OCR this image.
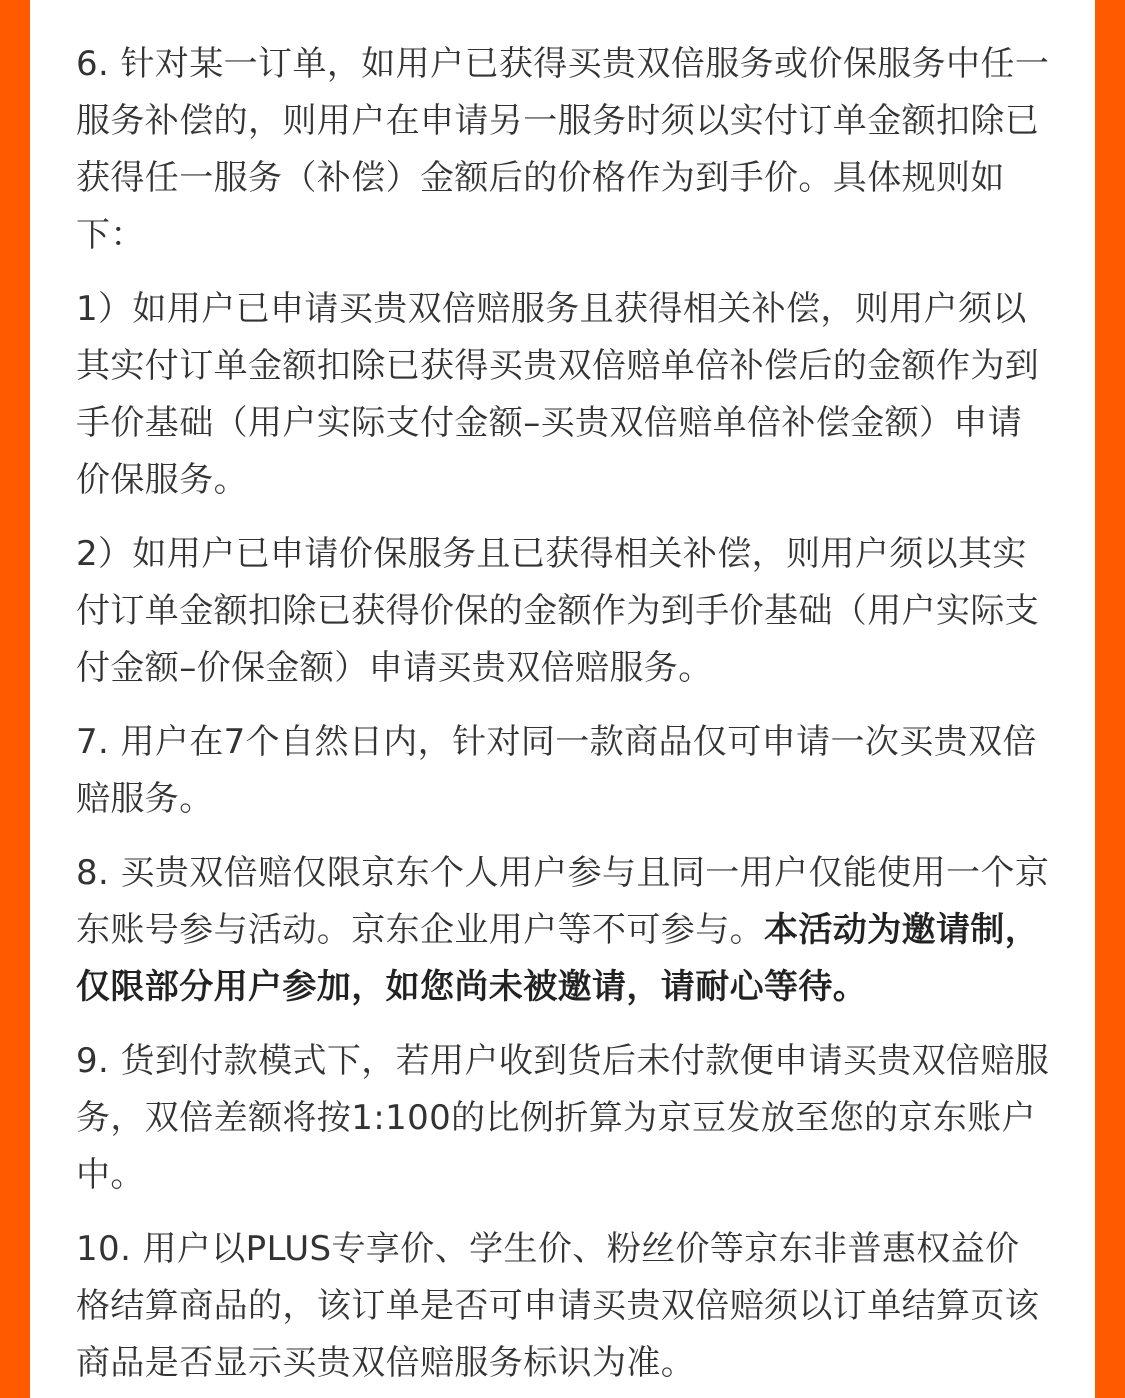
6. 针对某一订单，如用户已获得买贵双倍服务或价保服务中任一服务补偿的，则用户在申请另一服务时须以实付订单金额扣除已获得任一服务（补偿）金额后的价格作为到手价。具体规则如下：

1）如用户已申请买贵双倍赔服务且获得相关补偿，则用户须以其实付订单金额扣除已获得买贵双倍赔单倍补偿后的金额作为到手价基础（用户实际支付金额–买贵双倍赔单倍补偿金额）申请价保服务。

2）如用户已申请价保服务且已获得相关补偿，则用户须以其实付订单金额扣除已获得价保的金额作为到手价基础（用户实际支付金额–价保金额）申请买贵双倍赔服务。

7. 用户在7个自然日内，针对同一款商品仅可申请一次买贵双倍赔服务。

8. 买贵双倍赔仅限京东个人用户参与且同一用户仅能使用一个京东账号参与活动。京东企业用户等不可参与。本活动为邀请制，仅限部分用户参加，如您尚未被邀请，请耐心等待。

9. 货到付款模式下，若用户收到货后未付款便申请买贵双倍赔服务，双倍差额将按1:100的比例折算为京豆发放至您的京东账户中。

10. 用户以PLUS专享价、学生价、粉丝价等京东非普惠权益价格结算商品的，该订单是否可申请买贵双倍赔须以订单结算页该商品是否显示买贵双倍赔服务标识为准。
